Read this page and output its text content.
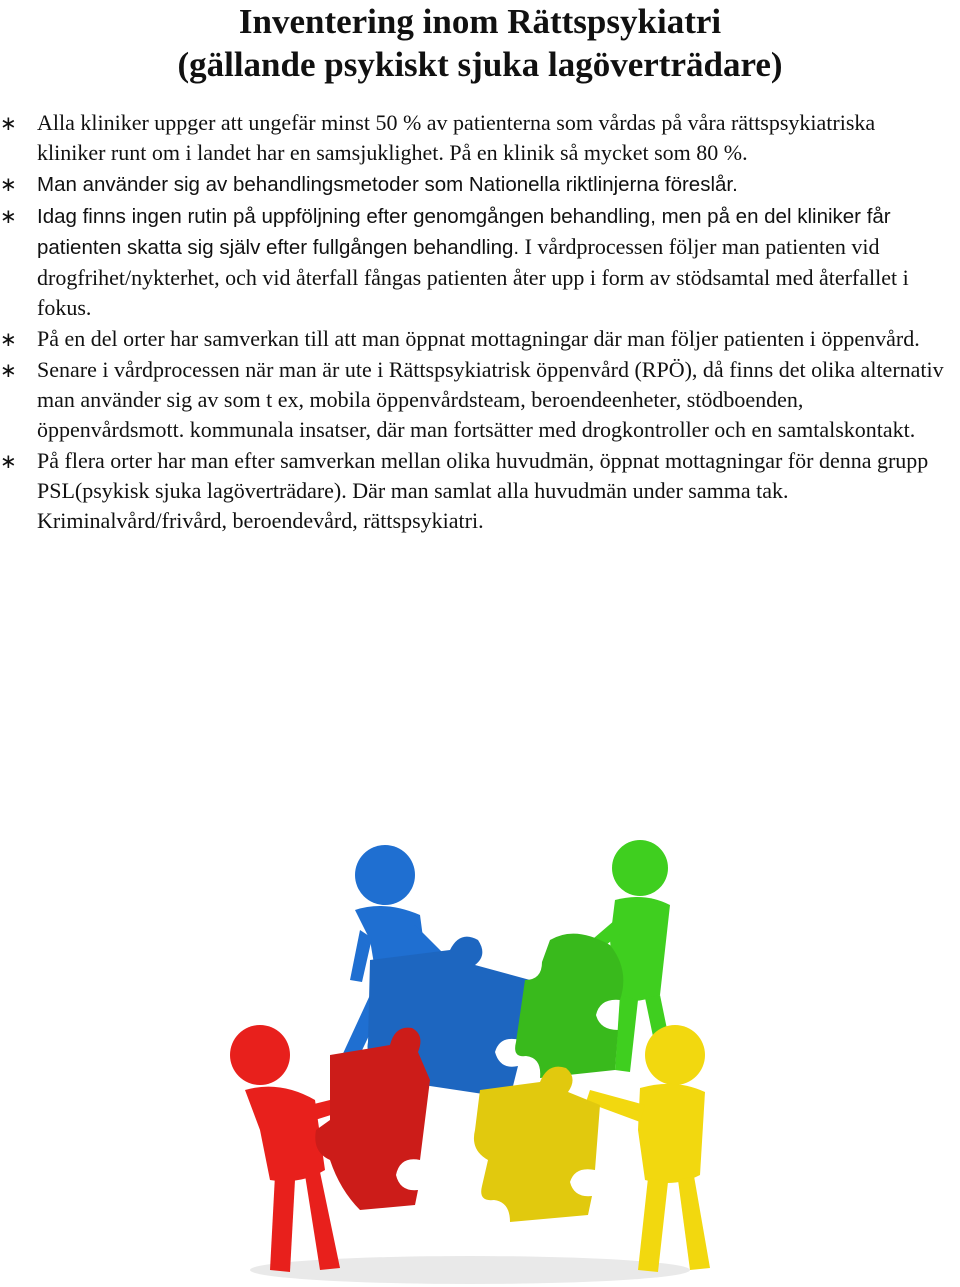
Inventering inom Rättspsykiatri
(gällande psykiskt sjuka lagöverträdare)
∗ Alla kliniker uppger att ungefär minst 50 % av patienterna som vårdas på våra rättspsykiatriska kliniker runt om i landet har en samsjuklighet. På en klinik så mycket som 80 %.
∗ Man använder sig av behandlingsmetoder som Nationella riktlinjerna föreslår.
∗ Idag finns ingen rutin på uppföljning efter genomgången behandling, men på en del kliniker får patienten skatta sig själv efter fullgången behandling. I vårdprocessen följer man patienten vid drogfrihet/nykterhet, och vid återfall fångas patienten åter upp i form av stödsamtal med återfallet i fokus.
∗ På en del orter har samverkan till att man öppnat mottagningar där man följer patienten i öppenvård.
∗ Senare i vårdprocessen när man är ute i Rättspsykiatrisk öppenvård (RPÖ), då finns det olika alternativ man använder sig av som t ex, mobila öppenvårdsteam, beroendeenheter, stödboenden, öppenvårdsmott. kommunala insatser, där man fortsätter med drogkontroller och en samtalskontakt.
∗ På flera orter har man efter samverkan mellan olika huvudmän, öppnat mottagningar för denna grupp PSL(psykisk sjuka lagöverträdare). Där man samlat alla huvudmän under samma tak. Kriminalvård/frivård, beroendevård, rättspsykiatri.
